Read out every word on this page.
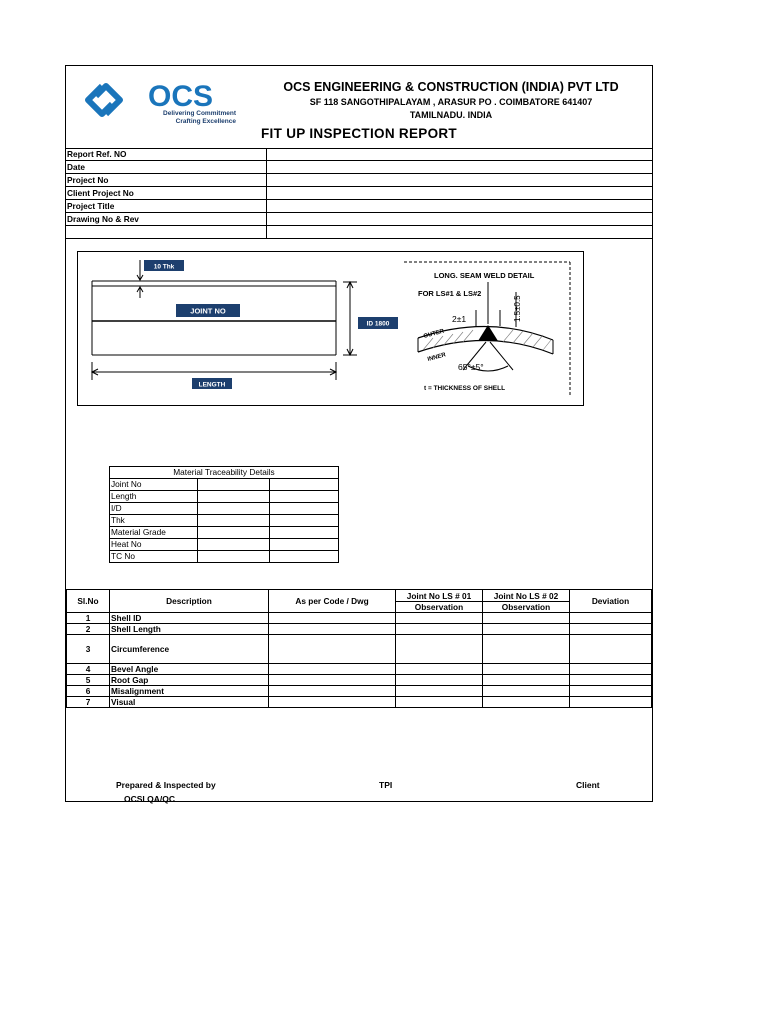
OCS
Delivering Commitment
Crafting Excellence
OCS ENGINEERING & CONSTRUCTION (INDIA) PVT LTD
SF 118 SANGOTHIPALAYAM , ARASUR PO . COIMBATORE 641407
TAMILNADU. INDIA
FIT UP INSPECTION REPORT
Report Ref. NO
Date
Project No
Client Project No
Project Title
Drawing No & Rev
10 Thk
JOINT NO
ID 1800
LENGTH
LONG. SEAM WELD DETAIL
FOR LS#1 & LS#2
2±1	1.5±0.5
OUTER
INNER
65°±5°
t = THICKNESS OF SHELL
Material Traceability Details		
Joint No		
Length		
I/D		
Thk		
Material Grade		
Heat No		
TC No		
Sl.No	Description	As per Code / Dwg	Joint No LS # 01	Joint No LS # 02	Deviation
			Observation	Observation	
1	Shell ID				
2	Shell Length				
3	Circumference				
4	Bevel Angle				
5	Root Gap				
6	Misalignment				
7	Visual				
Prepared & Inspected by
OCSI QA/QC
TPI	Client
